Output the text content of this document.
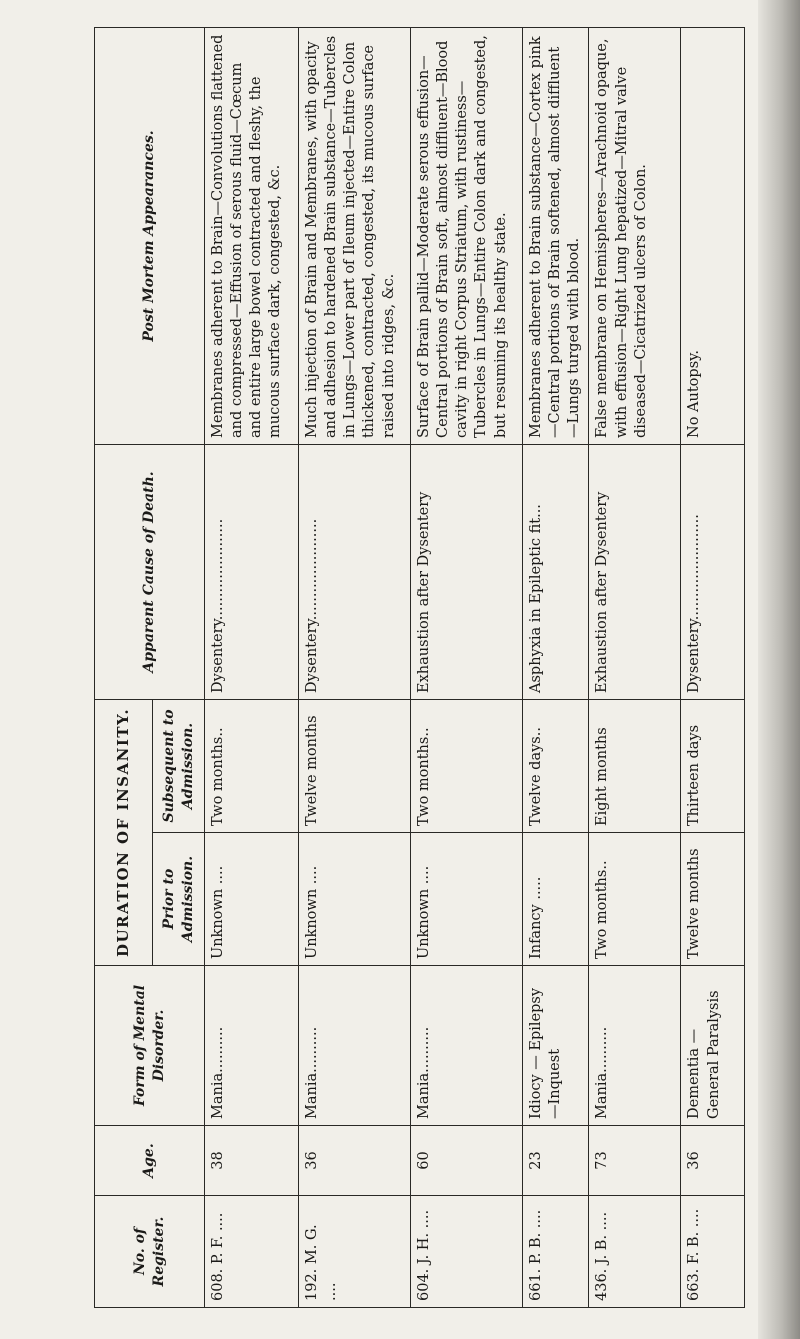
No. of Register.	Age.	Form of Mental Disorder.	DURATION OF INSANITY.		Apparent Cause of Death.	Post Mortem Appearances.
			Prior to Admission.	Subsequent to Admission.		
608. P. F. ....	38	Mania..........	Unknown ....	Two months..	Dysentery......................	Membranes adherent to Brain—Convolutions flattened and compressed—Effusion of serous fluid—Cœcum and entire large bowel contracted and fleshy, the mucous surface dark, congested, &c.
192. M. G. ....	36	Mania..........	Unknown ....	Twelve months	Dysentery......................	Much injection of Brain and Membranes, with opacity and adhesion to hardened Brain substance—Tubercles in Lungs—Lower part of Ileum injected—Entire Colon thickened, contracted, congested, its mucous surface raised into ridges, &c.
604. J. H. ....	60	Mania..........	Unknown ....	Two months..	Exhaustion after Dysentery	Surface of Brain pallid—Moderate serous effusion—Central portions of Brain soft, almost diffluent—Blood cavity in right Corpus Striatum, with rustiness—Tubercles in Lungs—Entire Colon dark and congested, but resuming its healthy state.
661. P. B. ....	23	Idiocy — Epilepsy —Inquest	Infancy .....	Twelve days..	Asphyxia in Epileptic fit...	Membranes adherent to Brain substance—Cortex pink—Central portions of Brain softened, almost diffluent—Lungs turged with blood.
436. J. B. ....	73	Mania..........	Two months..	Eight months	Exhaustion after Dysentery	False membrane on Hemispheres—Arachnoid opaque, with effusion—Right Lung hepatized—Mitral valve diseased—Cicatrized ulcers of Colon.
663. F. B. ....	36	Dementia —General Paralysis	Twelve months	Thirteen days	Dysentery.......................	No Autopsy.
